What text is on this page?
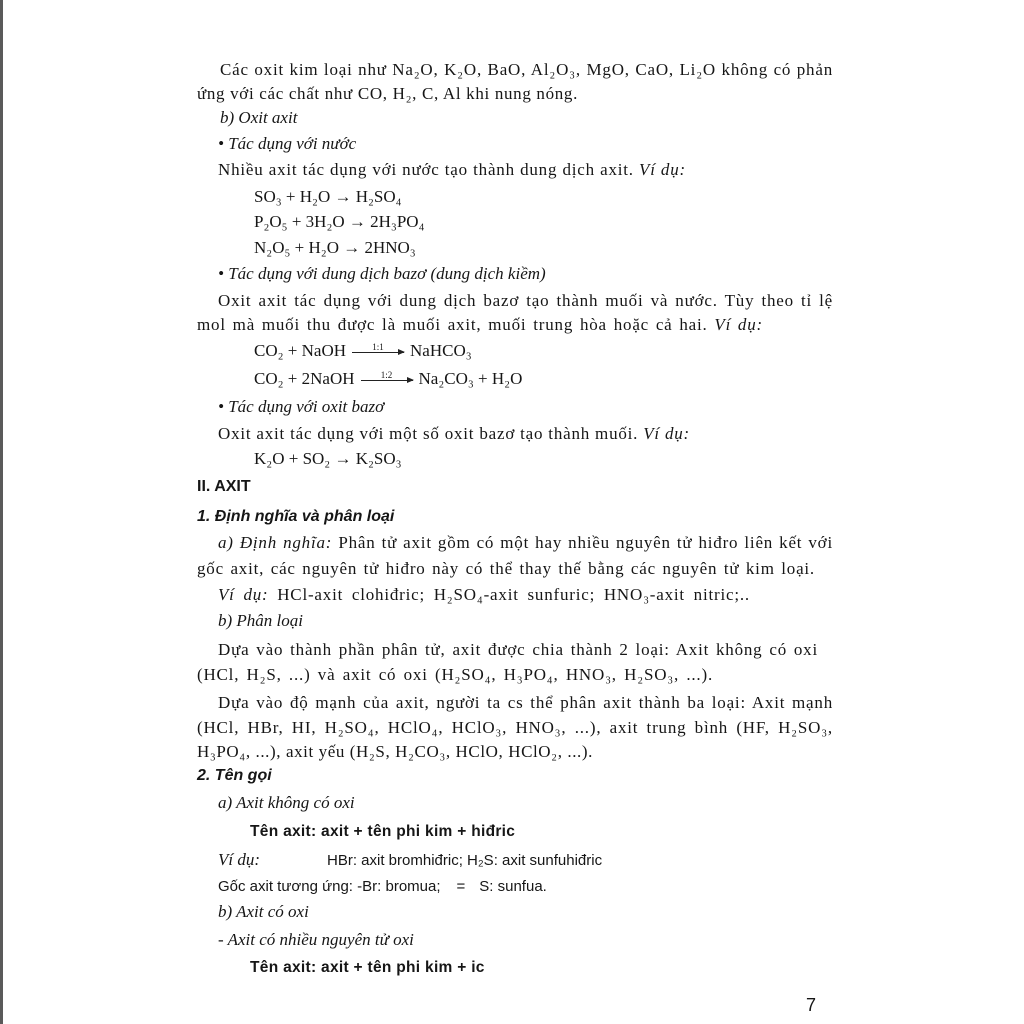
Các oxit kim loại như Na₂O, K₂O, BaO, Al₂O₃, MgO, CaO, Li₂O không có phản
ứng với các chất như CO, H₂, C, Al khi nung nóng.
b) Oxit axit
• Tác dụng với nước
Nhiều axit tác dụng với nước tạo thành dung dịch axit. Ví dụ:
SO₃ + H₂O → H₂SO₄
P₂O₅ + 3H₂O → 2H₃PO₄
N₂O₅ + H₂O → 2HNO₃
• Tác dụng với dung dịch bazơ (dung dịch kiềm)
Oxit axit tác dụng với dung dịch bazơ tạo thành muối và nước. Tùy theo tỉ lệ
mol mà muối thu được là muối axit, muối trung hòa hoặc cả hai. Ví dụ:
CO₂ + NaOH	1:1 NaHCO₃
CO₂ + 2NaOH	1:2 Na₂CO₃ + H₂O
• Tác dụng với oxit bazơ
Oxit axit tác dụng với một số oxit bazơ tạo thành muối. Ví dụ:
K₂O + SO₂ → K₂SO₃
II. AXIT
1. Định nghĩa và phân loại
a) Định nghĩa: Phân tử axit gồm có một hay nhiều nguyên tử hiđro liên kết với
gốc axit, các nguyên tử hiđro này có thể thay thế bằng các nguyên tử kim loại.
Ví dụ: HCl-axit clohiđric; H₂SO₄-axit sunfuric; HNO₃-axit nitric;..
b) Phân loại
Dựa vào thành phần phân tử, axit được chia thành 2 loại: Axit không có oxi
(HCl, H₂S, ...) và axit có oxi (H₂SO₄, H₃PO₄, HNO₃, H₂SO₃, ...).
Dựa vào độ mạnh của axit, người ta cs thể phân axit thành ba loại: Axit mạnh
(HCl, HBr, HI, H₂SO₄, HClO₄, HClO₃, HNO₃, ...), axit trung bình (HF, H₂SO₃,
H₃PO₄, ...), axit yếu (H₂S, H₂CO₃, HClO, HClO₂, ...).
2. Tên gọi
a) Axit không có oxi
Tên axit: axit + tên phi kim + hiđric
Ví dụ:	HBr: axit bromhiđric; H₂S: axit sunfuhiđric
Gốc axit tương ứng: -Br: bromua; = S: sunfua.
b) Axit có oxi
- Axit có nhiều nguyên tử oxi
Tên axit: axit + tên phi kim + ic
7
